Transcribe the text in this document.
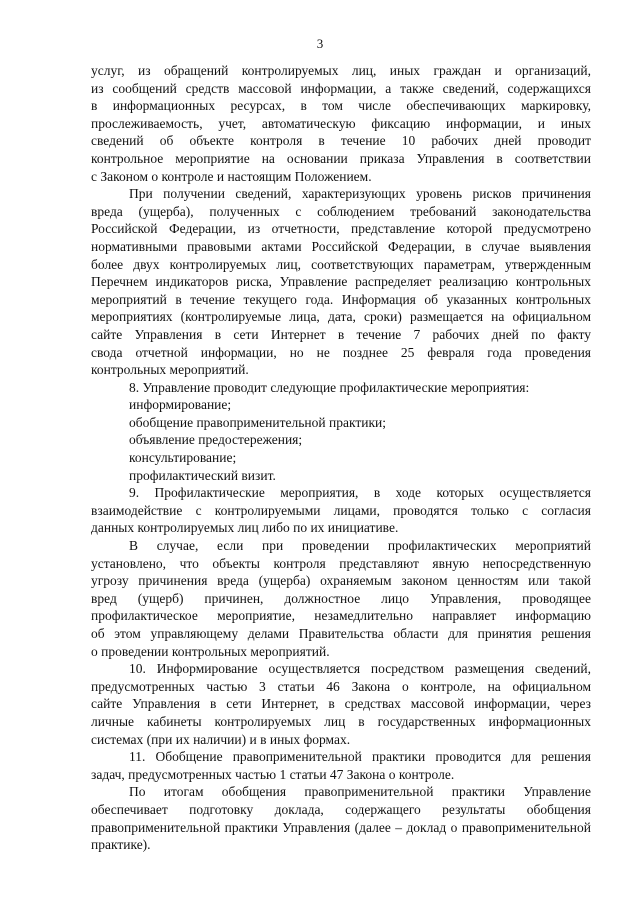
3
услуг, из обращений контролируемых лиц, иных граждан и организаций,
из сообщений средств массовой информации, а также сведений, содержащихся
в информационных ресурсах, в том числе обеспечивающих маркировку,
прослеживаемость, учет, автоматическую фиксацию информации, и иных
сведений об объекте контроля в течение 10 рабочих дней проводит
контрольное мероприятие на основании приказа Управления в соответствии
с Законом о контроле и настоящим Положением.
При получении сведений, характеризующих уровень рисков причинения
вреда (ущерба), полученных с соблюдением требований законодательства
Российской Федерации, из отчетности, представление которой предусмотрено
нормативными правовыми актами Российской Федерации, в случае выявления
более двух контролируемых лиц, соответствующих параметрам, утвержденным
Перечнем индикаторов риска, Управление распределяет реализацию контрольных
мероприятий в течение текущего года. Информация об указанных контрольных
мероприятиях (контролируемые лица, дата, сроки) размещается на официальном
сайте Управления в сети Интернет в течение 7 рабочих дней по факту
свода отчетной информации, но не позднее 25 февраля года проведения
контрольных мероприятий.
8. Управление проводит следующие профилактические мероприятия:
информирование;
обобщение правоприменительной практики;
объявление предостережения;
консультирование;
профилактический визит.
9. Профилактические мероприятия, в ходе которых осуществляется
взаимодействие с контролируемыми лицами, проводятся только с согласия
данных контролируемых лиц либо по их инициативе.
В случае, если при проведении профилактических мероприятий
установлено, что объекты контроля представляют явную непосредственную
угрозу причинения вреда (ущерба) охраняемым законом ценностям или такой
вред (ущерб) причинен, должностное лицо Управления, проводящее
профилактическое мероприятие, незамедлительно направляет информацию
об этом управляющему делами Правительства области для принятия решения
о проведении контрольных мероприятий.
10. Информирование осуществляется посредством размещения сведений,
предусмотренных частью 3 статьи 46 Закона о контроле, на официальном
сайте Управления в сети Интернет, в средствах массовой информации, через
личные кабинеты контролируемых лиц в государственных информационных
системах (при их наличии) и в иных формах.
11. Обобщение правоприменительной практики проводится для решения
задач, предусмотренных частью 1 статьи 47 Закона о контроле.
По итогам обобщения правоприменительной практики Управление
обеспечивает подготовку доклада, содержащего результаты обобщения
правоприменительной практики Управления (далее – доклад о правоприменительной
практике).
